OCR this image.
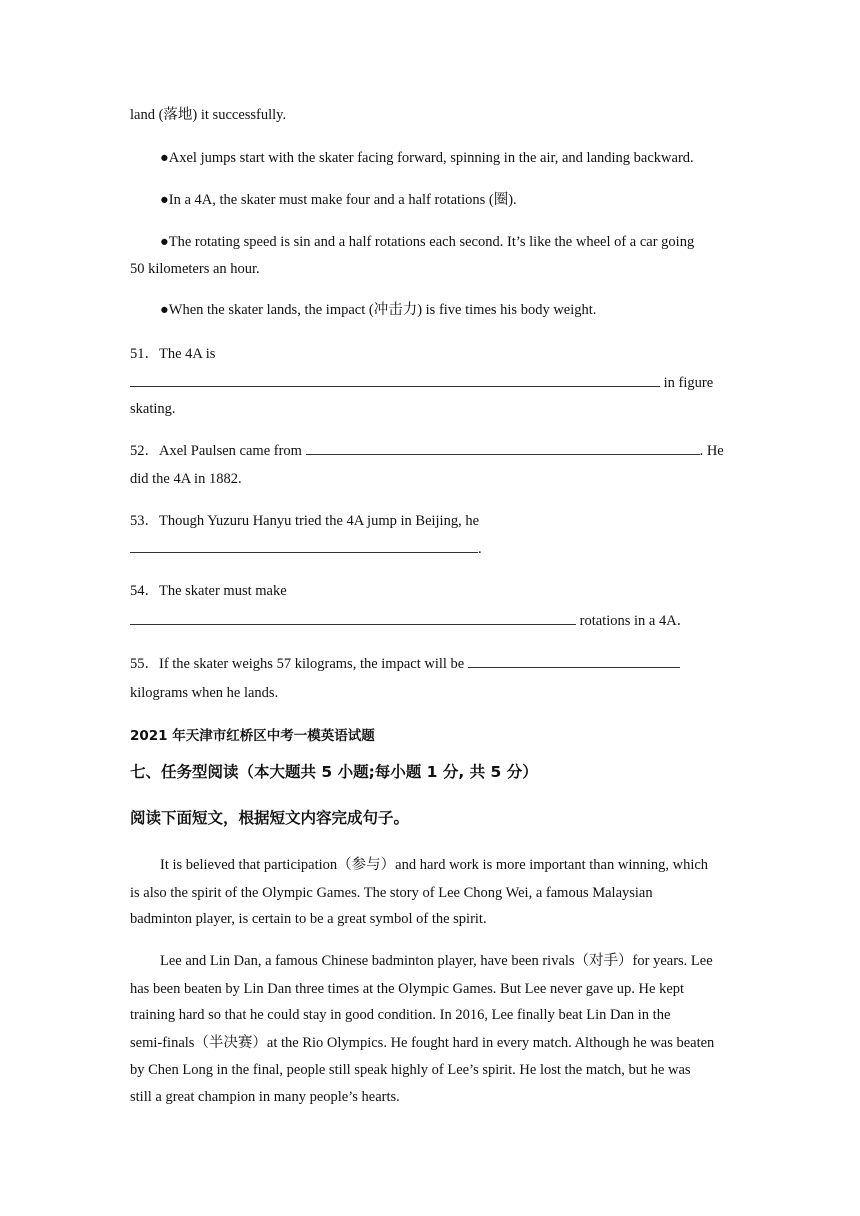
land (落地) it successfully.
●Axel jumps start with the skater facing forward, spinning in the air, and landing backward.
●In a 4A, the skater must make four and a half rotations (圈).
●The rotating speed is sin and a half rotations each second. It’s like the wheel of a car going
50 kilometers an hour.
●When the skater lands, the impact (冲击力) is five times his body weight.
51．The 4A is
in figure
skating.
52．Axel Paulsen came from	. He
did the 4A in 1882.
53．Though Yuzuru Hanyu tried the 4A jump in Beijing, he
.
54．The skater must make
rotations in a 4A．
55．If the skater weighs 57 kilograms, the impact will be
kilograms when he lands.
2021 年天津市红桥区中考一模英语试题
七、任务型阅读（本大题共 5 小题;每小题 1 分, 共 5 分）
阅读下面短文，根据短文内容完成句子。
It is believed that participation（参与）and hard work is more important than winning, which
is also the spirit of the Olympic Games. The story of Lee Chong Wei, a famous Malaysian
badminton player, is certain to be a great symbol of the spirit.
Lee and Lin Dan, a famous Chinese badminton player, have been rivals（对手）for years. Lee
has been beaten by Lin Dan three times at the Olympic Games. But Lee never gave up. He kept
training hard so that he could stay in good condition. In 2016, Lee finally beat Lin Dan in the
semi-finals（半决赛）at the Rio Olympics. He fought hard in every match. Although he was beaten
by Chen Long in the final, people still speak highly of Lee’s spirit. He lost the match, but he was
still a great champion in many people’s hearts.
